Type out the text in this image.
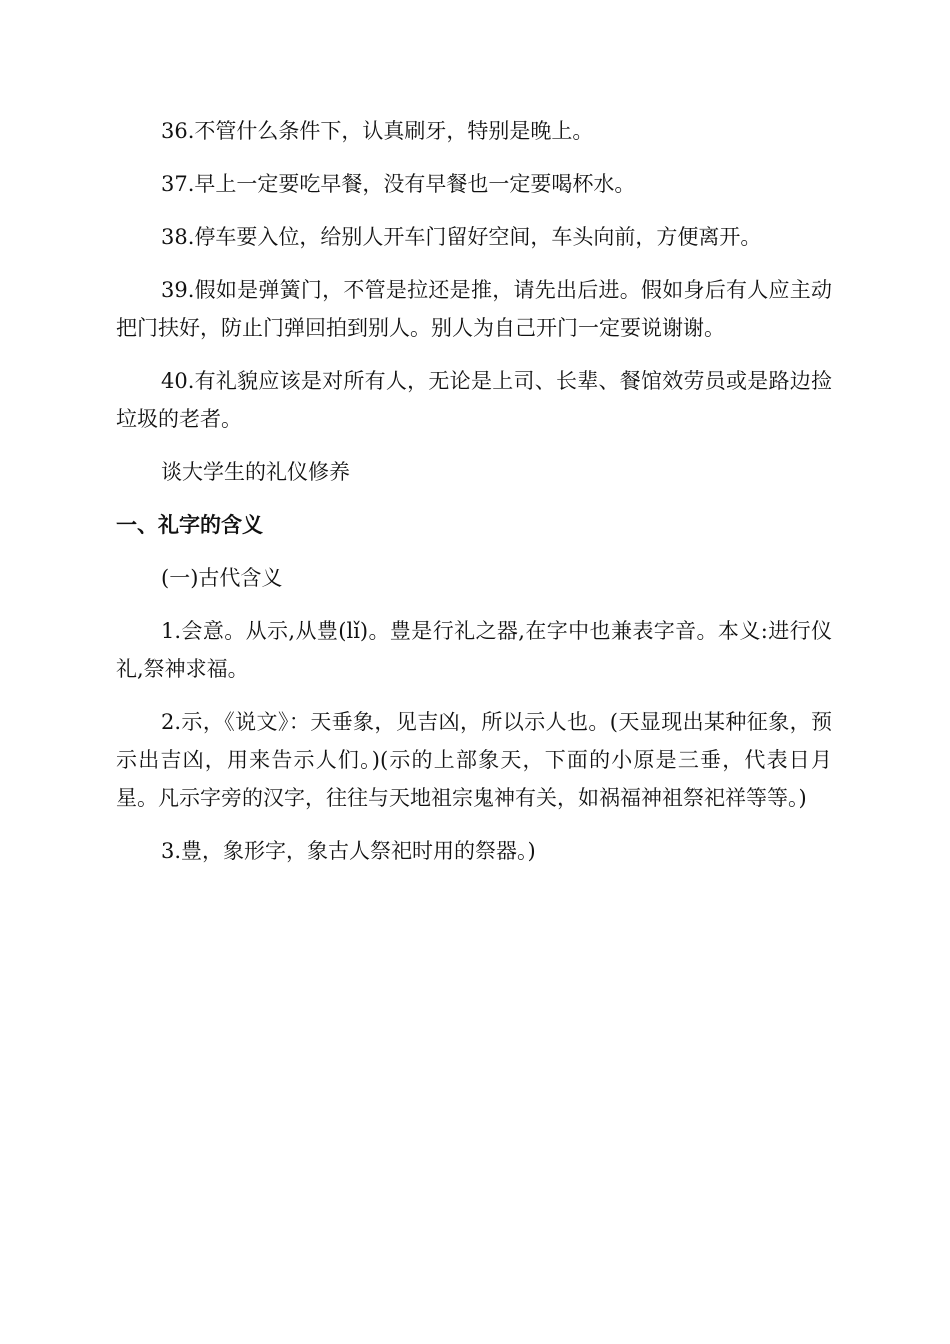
36.不管什么条件下，认真刷牙，特别是晚上。

37.早上一定要吃早餐，没有早餐也一定要喝杯水。

38.停车要入位，给别人开车门留好空间，车头向前，方便离开。

39.假如是弹簧门，不管是拉还是推，请先出后进。假如身后有人应主动把门扶好，防止门弹回拍到别人。别人为自己开门一定要说谢谢。

40.有礼貌应该是对所有人，无论是上司、长辈、餐馆效劳员或是路边捡垃圾的老者。

谈大学生的礼仪修养

一、礼字的含义

(一)古代含义

1.会意。从示,从豊(lǐ)。豊是行礼之器,在字中也兼表字音。本义:进行仪礼,祭神求福。

2.示，《说文》：天垂象，见吉凶，所以示人也。(天显现出某种征象，预示出吉凶，用来告示人们。)(示的上部象天，下面的小原是三垂，代表日月星。凡示字旁的汉字，往往与天地祖宗鬼神有关，如祸福神祖祭祀祥等等。)

3.豊，象形字，象古人祭祀时用的祭器。)
